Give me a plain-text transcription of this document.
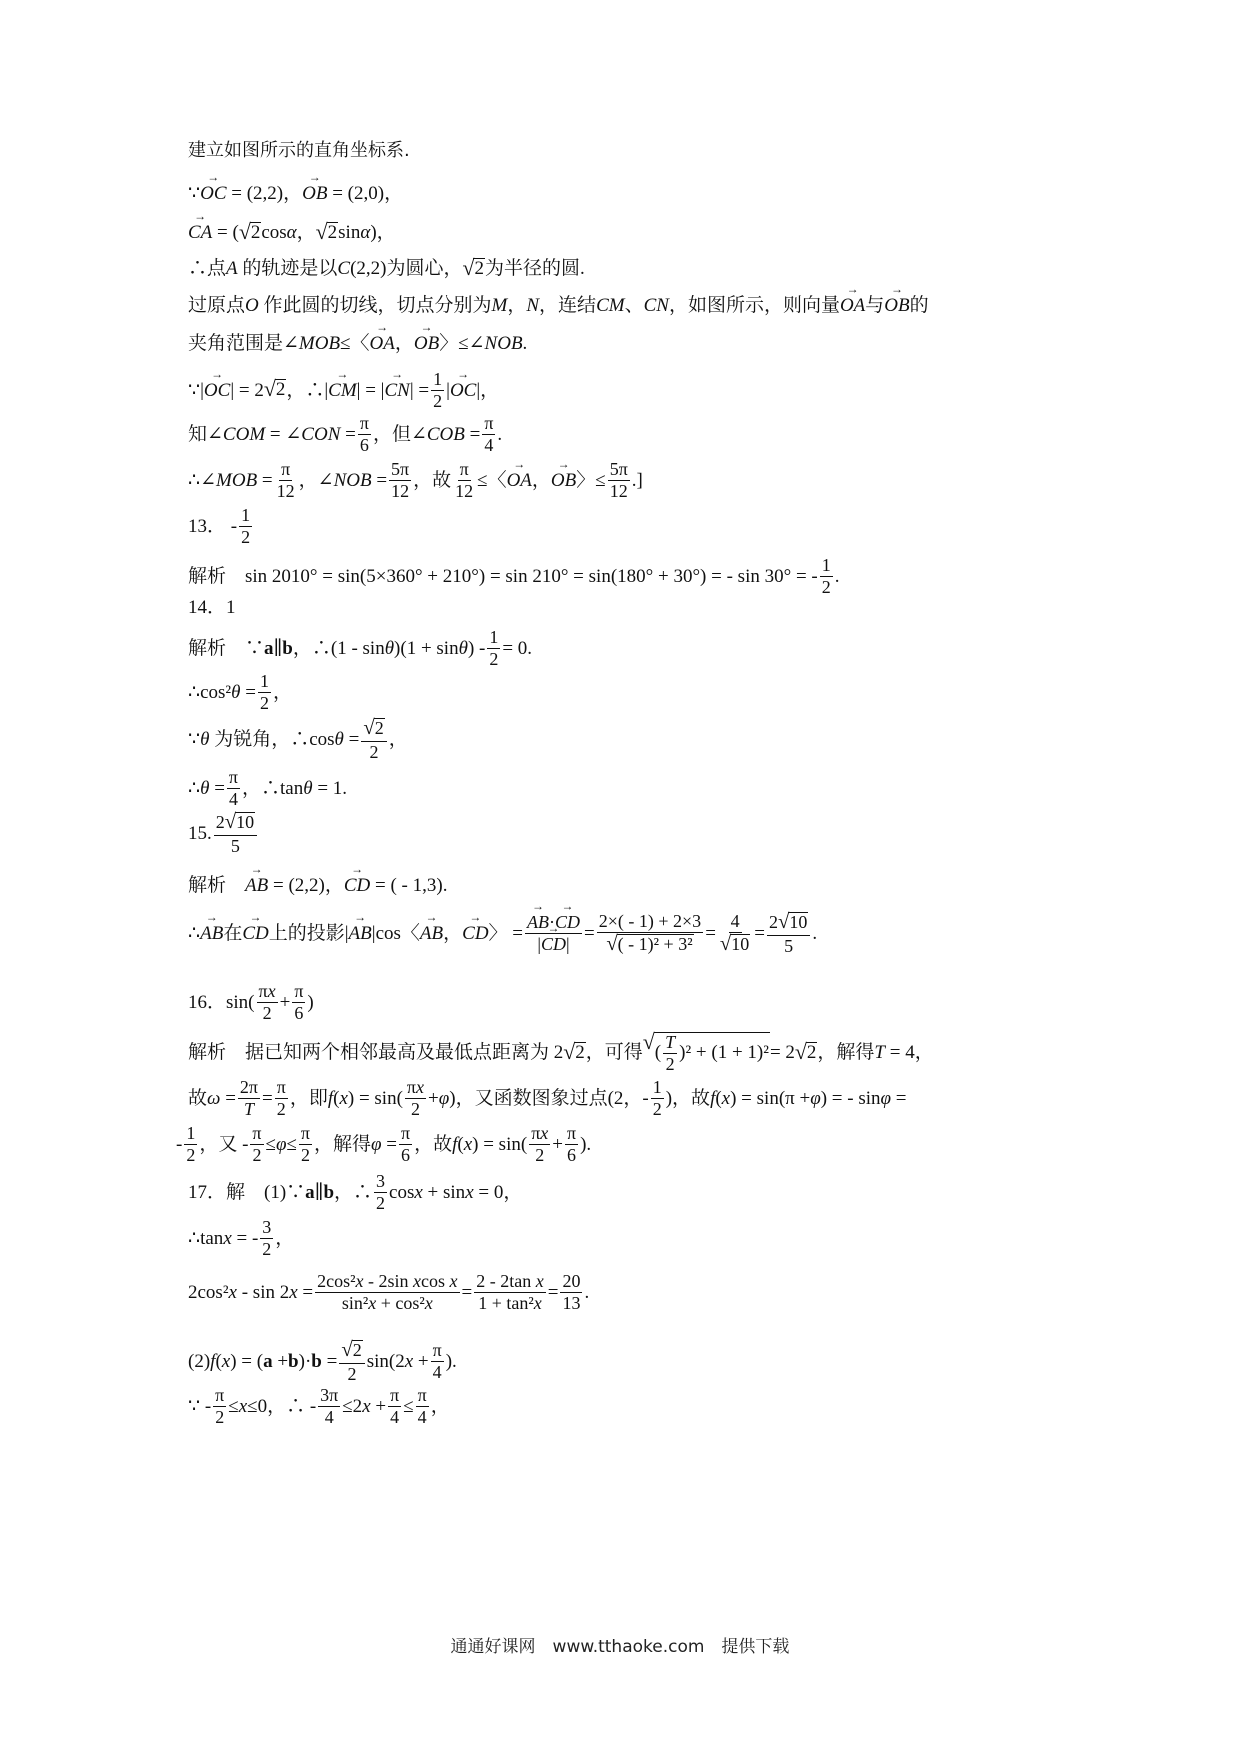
建立如图所示的直角坐标系.
∵ → OC = (2,2)， → OB = (2,0)，
→ CA = ( √ 2 cos α ， √ 2 sin α )，
∴点 A 的轨迹是以 C (2,2)为圆心， √ 2 为半径的圆.
过原点 O 作此圆的切线，切点分别为 M ， N ，连结 CM 、 CN ，如图所示，则向量 → OA 与 → OB 的
夹角范围是∠ MOB ≤〈 → OA ， → OB 〉≤∠ NOB .
∵| → OC | = 2 √ 2 ，∴| → CM | = | → CN | = $\frac{1}{2}$ | → OC |，
知∠ COM = ∠ CON = $\frac{\pi}{6}$ ，但∠ COB = $\frac{\pi}{4}$ .
∴∠ MOB = $\frac{\pi}{12}$ ，∠ NOB = $\frac{5\pi}{12}$ ，故 $\frac{\pi}{12}$ ≤〈 → OA ， → OB 〉≤ $\frac{5\pi}{12}$ .]
13． - $\frac{1}{2}$
解析　sin 2010° = sin(5×360° + 210°) = sin 210° = sin(180° + 30°) = - sin 30° = - $\frac{1}{2}$ .
14．1
解析　∵ a ∥ b ，∴(1 - sin θ )(1 + sin θ ) - $\frac{1}{2} = 0$.
∴cos² $\theta = \frac{1}{2}$ ，
∵ θ 为锐角，∴cos $\theta = \frac{√ 2}{2}$ ，
∴ $\theta = \frac{\pi}{4}$ ，∴tan θ = 1.
15. $\frac{2 √ 10}{5}$
解析　 → AB = (2,2)， → CD = ( - 1,3).
∴ → AB 在 → CD 上的投影| → AB |cos〈 → AB ， → CD 〉 = → $\frac{AB\cdot\to CD}{|\to CD|} = \frac{2\times( - 1) + 2\times 3}{\text{√ ( - 1)² + 3²}} = \frac{4}{√ 10} = \frac{2 √ 10}{5}$ .
16．$\sin( \frac{\pi x}{2} + \frac{\pi}{6}$ )
解析　据已知两个相邻最高及最低点距离为 2 √ 2 ，可得 √ ( $\frac{T}{2} )^2 + (1 + 1)^2 = 2$ √ 2 ，解得 T = 4，
故 $\omega = \frac{2\pi}{T} = \frac{\pi}{2}$ ，即 f ( x ) = $\sin( \frac{\pi x}{2} + \varphi$ )，又函数图象过点(2，- $\frac{1}{2}$ )，故 f ( x ) = sin(π + φ ) = - sin φ =
- $\frac{1}{2}$ ，又 - $\frac{\pi}{2} \le \varphi \le \frac{\pi}{2}$ ，解得 $\varphi = \frac{\pi}{6}$ ，故 f ( x ) = $\sin( \frac{\pi x}{2} + \frac{\pi}{6}$ ).
17．解　(1)∵ a ∥ b ，∴ $\frac{3}{2}$ cos x + sin x = 0，
∴tan x = - $\frac{3}{2}$ ，
2cos² x - sin 2 $x = \frac{\text{2cos²x - 2sin xcos x}}{\text{sin²x + cos²x}} = \frac{\text{2 - 2tan x}}{\text{1 + tan²x}} = \frac{20}{13}$ .
(2) f ( x ) = ( a + b )· $b = \frac{√ 2}{2} \sin(2$ $x + \frac{\pi}{4}$ ).
∵ - $\frac{\pi}{2} \le x \le 0$，∴ - $\frac{3\pi}{4} \le 2$ $x + \frac{\pi}{4} \le \frac{\pi}{4}$ ，
通通好课网　www.tthaoke.com　提供下载
